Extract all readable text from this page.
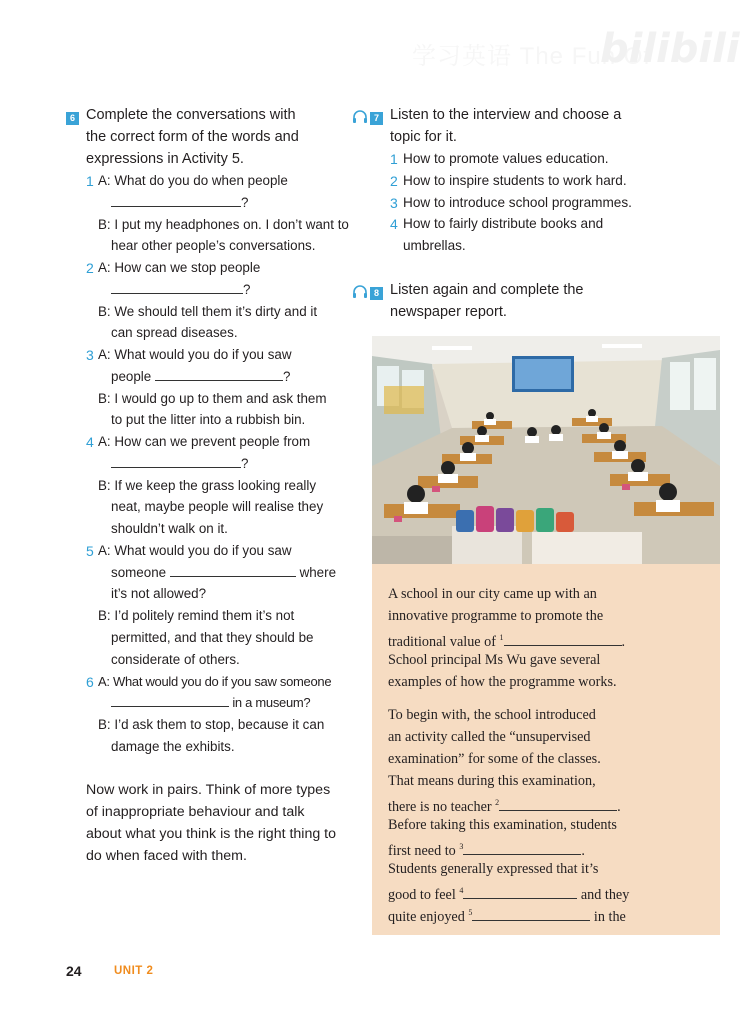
学习英语 The Fun Of
bilibili
6 Complete the conversations with
the correct form of the words and
expressions in Activity 5.
1 A: What do you do when people
?
B: I put my headphones on. I don’t want to
hear other people’s conversations.
2 A: How can we stop people
?
B: We should tell them it’s dirty and it
can spread diseases.
3 A: What would you do if you saw
people	?
B: I would go up to them and ask them
to put the litter into a rubbish bin.
4 A: How can we prevent people from
?
B: If we keep the grass looking really
neat, maybe people will realise they
shouldn’t walk on it.
5 A: What would you do if you saw
someone	where
it’s not allowed?
B: I’d politely remind them it’s not
permitted, and that they should be
considerate of others.
6 A: What would you do if you saw someone
in a museum?
B: I’d ask them to stop, because it can
damage the exhibits.
Now work in pairs. Think of more types
of inappropriate behaviour and talk
about what you think is the right thing to
do when faced with them.
7 Listen to the interview and choose a
topic for it.
1 How to promote values education.
2 How to inspire students to work hard.
3 How to introduce school programmes.
4 How to fairly distribute books and
umbrellas.
8 Listen again and complete the
newspaper report.
A school in our city came up with an
innovative programme to promote the
traditional value of $^1$	.
School principal Ms Wu gave several
examples of how the programme works.
To begin with, the school introduced
an activity called the “unsupervised
examination” for some of the classes.
That means during this examination,
there is no teacher $^2$	.
Before taking this examination, students
first need to $^3$	.
Students generally expressed that it’s
good to feel $^4$	and they
quite enjoyed $^5$	in the
24	UNIT 2
